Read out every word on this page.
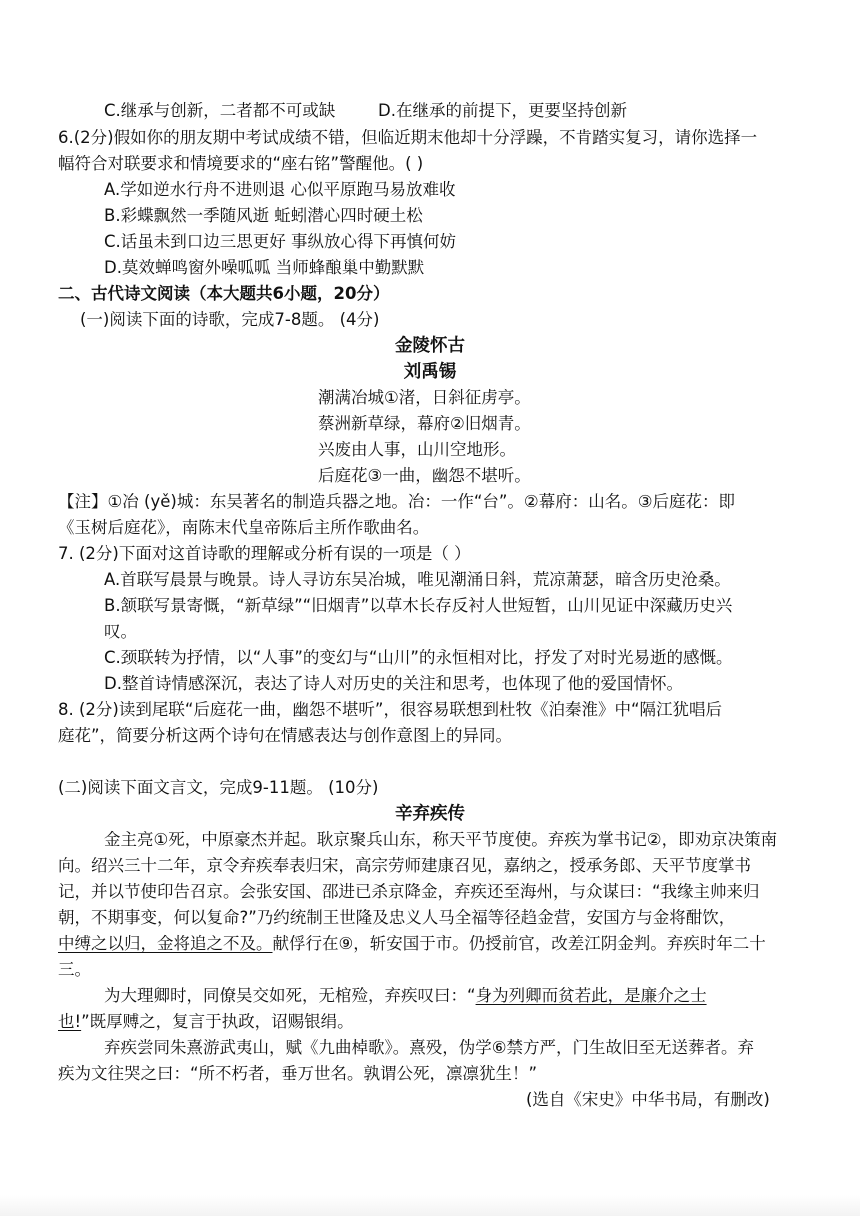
C.继承与创新，二者都不可或缺	D.在继承的前提下，更要坚持创新
6.(2分)假如你的朋友期中考试成绩不错，但临近期末他却十分浮躁，不肯踏实复习，请你选择一
幅符合对联要求和情境要求的“座右铭”警醒他。( )
A.学如逆水行舟不进则退 心似平原跑马易放难收
B.彩蝶飘然一季随风逝 蚯蚓潜心四时硬土松
C.话虽未到口边三思更好 事纵放心得下再慎何妨
D.莫效蝉鸣窗外噪呱呱 当师蜂酿巢中勤默默
二、古代诗文阅读（本大题共6小题，20分）
(一)阅读下面的诗歌，完成7-8题。 (4分)
金陵怀古
刘禹锡
潮满冶城①渚，日斜征虏亭。
蔡洲新草绿，幕府②旧烟青。
兴废由人事，山川空地形。
后庭花③一曲，幽怨不堪听。
【注】①冶 (yě)城：东吴著名的制造兵器之地。冶：一作“台”。②幕府：山名。③后庭花：即
《玉树后庭花》，南陈末代皇帝陈后主所作歌曲名。
7. (2分)下面对这首诗歌的理解或分析有误的一项是（ ）
A.首联写晨景与晚景。诗人寻访东吴冶城，唯见潮涌日斜，荒凉萧瑟，暗含历史沧桑。
B.颔联写景寄慨，“新草绿”“旧烟青”以草木长存反衬人世短暂，山川见证中深藏历史兴
叹。
C.颈联转为抒情，以“人事”的变幻与“山川”的永恒相对比，抒发了对时光易逝的感慨。
D.整首诗情感深沉，表达了诗人对历史的关注和思考，也体现了他的爱国情怀。
8. (2分)读到尾联“后庭花一曲，幽怨不堪听”，很容易联想到杜牧《泊秦淮》中“隔江犹唱后
庭花”，简要分析这两个诗句在情感表达与创作意图上的异同。
(二)阅读下面文言文，完成9-11题。 (10分)
辛弃疾传
金主亮①死，中原豪杰并起。耿京聚兵山东，称天平节度使。弃疾为掌书记②，即劝京决策南
向。绍兴三十二年，京令弃疾奉表归宋，高宗劳师建康召见，嘉纳之，授承务郎、天平节度掌书
记，并以节使印告召京。会张安国、邵进已杀京降金，弃疾还至海州，与众谋曰：“我缘主帅来归
朝，不期事变，何以复命?”乃约统制王世隆及忠义人马全福等径趋金营，安国方与金将酣饮，
中缚之以归，金将追之不及。献俘行在⑨，斩安国于市。仍授前官，改差江阴金判。弃疾时年二十
三。
为大理卿时，同僚吴交如死，无棺殓，弃疾叹曰：“身为列卿而贫若此，是廉介之士
也!”既厚赙之，复言于执政，诏赐银绢。
弃疾尝同朱熹游武夷山，赋《九曲棹歌》。熹殁，伪学⑥禁方严，门生故旧至无送葬者。弃
疾为文往哭之曰：“所不朽者，垂万世名。孰谓公死，凛凛犹生！”
(选自《宋史》中华书局，有删改)
